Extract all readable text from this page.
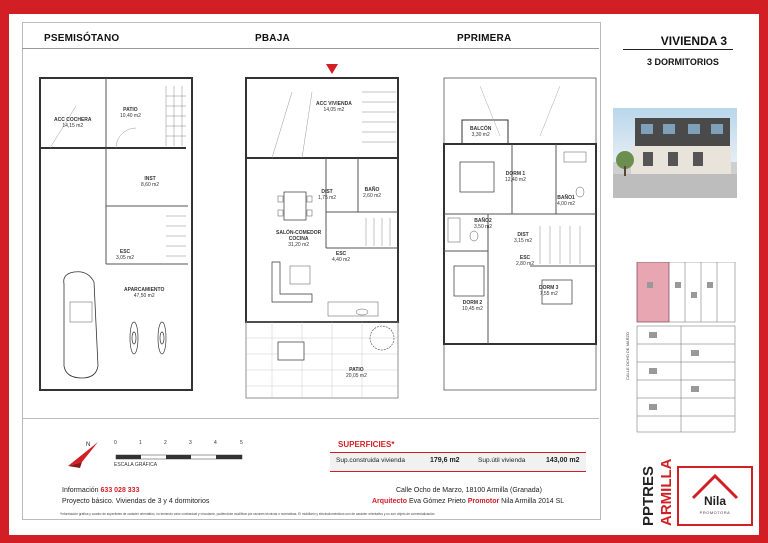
PSEMISÓTANO	PBAJA	PPRIMERA	VIVIENDA 3
3 DORMITORIOS
CALLE OCHO DE MARZO
ACC COCHERA
14,15 m2
PATIO
10,40 m2
INST
8,60 m2
ESC
3,05 m2
APARCAMIENTO
47,50 m2
ACC VIVIENDA
14,05 m2
DIST
1,75 m2
BAÑO
2,60 m2
SALÓN-COMEDOR
COCINA
31,20 m2
ESC
4,40 m2
PATIO
20,05 m2
BALCÓN
3,30 m2
DORM 1
12,40 m2
BAÑO1
4,00 m2
BAÑO2
3,50 m2
DIST
3,15 m2
ESC
2,80 m2
DORM 2
10,45 m2
DORM 3
7,55 m2
N	0	1	2	3	4	5
ESCALA GRÁFICA
SUPERFICIES*
Sup.construida vivienda	179,6 m2	Sup.útil vivienda	143,00 m2
Información 633 028 333
Proyecto básico. Viviendas de 3 y 4 dormitorios
Calle Ocho de Marzo, 18100 Armilla (Granada)
Arquitecto Eva Gómez Prieto Promotor Nila Armilla 2014 SL
*Información gráfica y cuadro de superficies de carácter orientativo, no teniendo valor contractual y vinculante, pudiéndose modificar por razones técnicas o normativas. El mobiliario y electrodomésticos son de carácter orientativo y no son objeto de comercialización.	PPTRES ARMILLA	Nila
PROMOTORA
